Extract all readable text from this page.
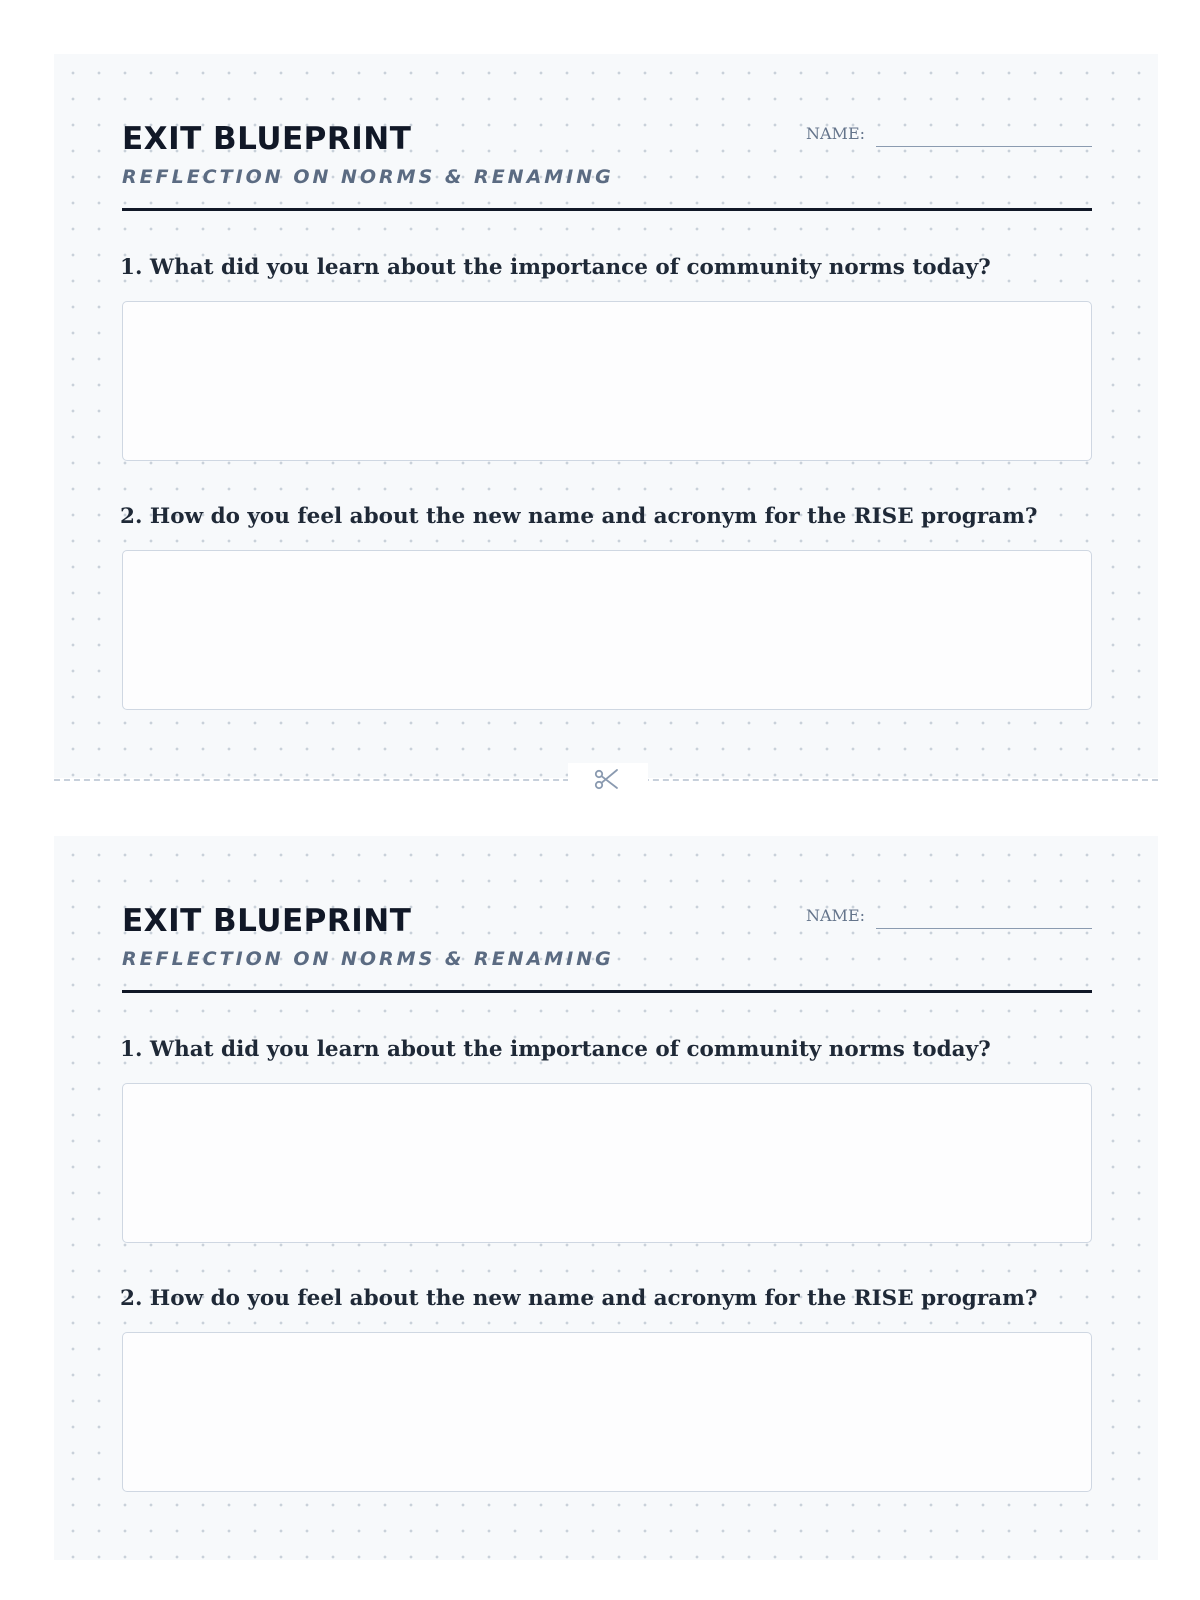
EXIT BLUEPRINT
REFLECTION ON NORMS & RENAMING
NAME:

1. What did you learn about the importance of community norms today?

2. How do you feel about the new name and acronym for the RISE program?

EXIT BLUEPRINT
REFLECTION ON NORMS & RENAMING
NAME:

1. What did you learn about the importance of community norms today?

2. How do you feel about the new name and acronym for the RISE program?
